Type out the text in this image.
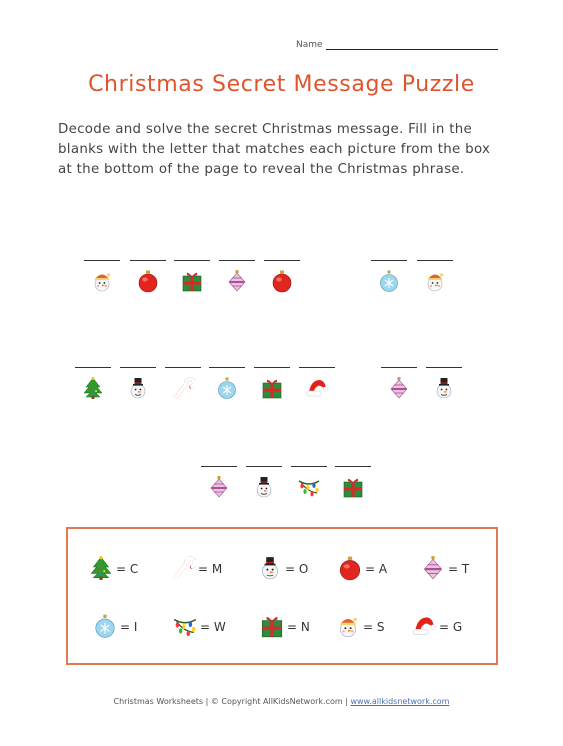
Name
Christmas Secret Message Puzzle
Decode and solve the secret Christmas message. Fill in the blanks with the letter that matches each picture from the box at the bottom of the page to reveal the Christmas phrase.
= C	= M	= O	= A	= T
= I	= W	= N	= S	= G
Christmas Worksheets | © Copyright AllKidsNetwork.com | www.allkidsnetwork.com
